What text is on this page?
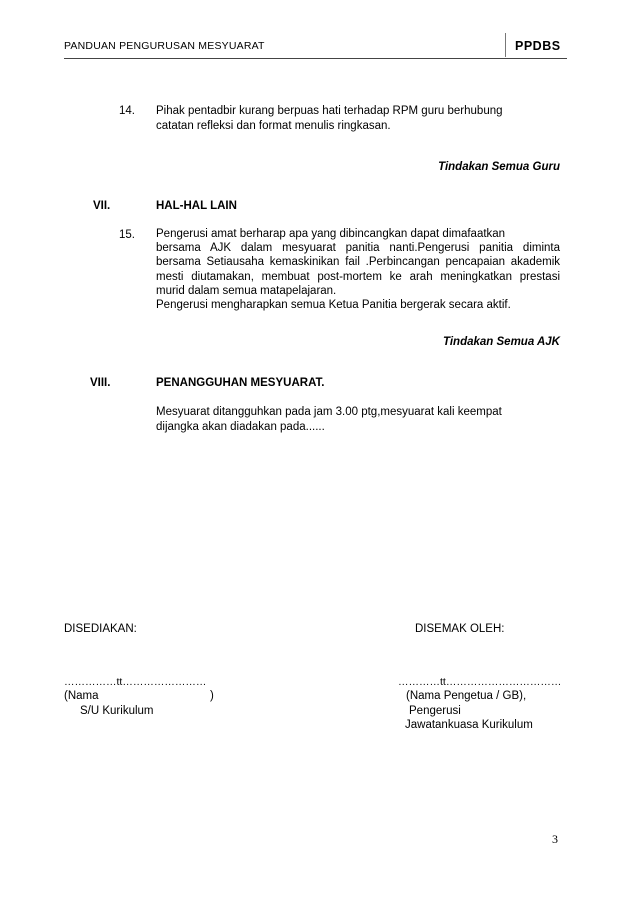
PANDUAN PENGURUSAN MESYUARAT	PPDBS
14. Pihak pentadbir kurang berpuas hati terhadap RPM guru berhubung
catatan refleksi dan format menulis ringkasan.
Tindakan Semua Guru
VII.	HAL-HAL LAIN
15. Pengerusi amat berharap apa yang dibincangkan dapat dimafaatkan
bersama AJK dalam mesyuarat panitia nanti.Pengerusi panitia diminta
bersama Setiausaha kemaskinikan fail .Perbincangan pencapaian akademik
mesti diutamakan, membuat post-mortem ke arah meningkatkan prestasi
murid dalam semua matapelajaran.
Pengerusi mengharapkan semua Ketua Panitia bergerak secara aktif.
Tindakan Semua AJK
VIII.	PENANGGUHAN MESYUARAT.
Mesyuarat ditangguhkan pada jam 3.00 ptg,mesyuarat kali keempat
dijangka akan diadakan pada......
DISEDIAKAN:	DISEMAK OLEH:
……………tt……………………	…………tt……………………………
(Nama	)
S/U Kurikulum
(Nama Pengetua / GB),
Pengerusi
Jawatankuasa Kurikulum
3
